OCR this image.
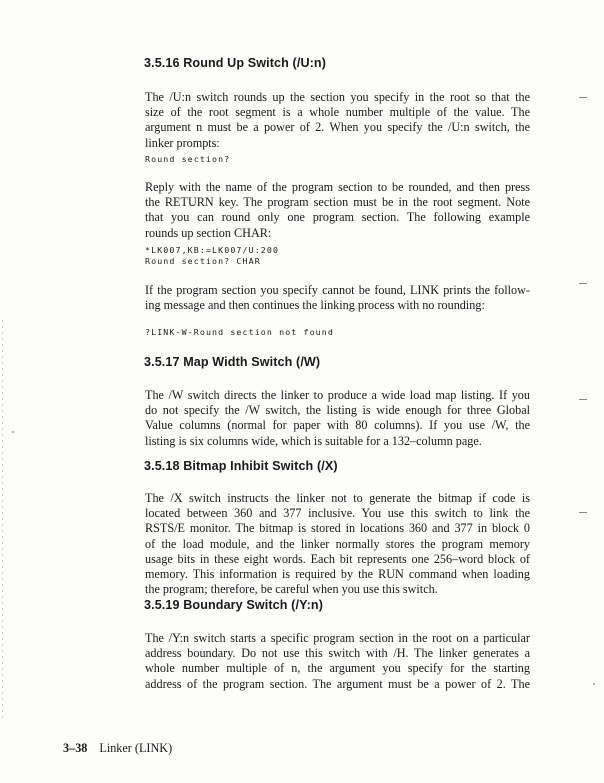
3.5.16 Round Up Switch (/U:n)
The /U:n switch rounds up the section you specify in the root so that the
size of the root segment is a whole number multiple of the value. The
argument n must be a power of 2. When you specify the /U:n switch, the
linker prompts:
Round section?
Reply with the name of the program section to be rounded, and then press
the RETURN key. The program section must be in the root segment. Note
that you can round only one program section. The following example
rounds up section CHAR:
*LK007,KB:=LK007/U:200
Round section? CHAR
If the program section you specify cannot be found, LINK prints the follow-
ing message and then continues the linking process with no rounding:
?LINK-W-Round section not found
3.5.17 Map Width Switch (/W)
The /W switch directs the linker to produce a wide load map listing. If you
do not specify the /W switch, the listing is wide enough for three Global
Value columns (normal for paper with 80 columns). If you use /W, the
listing is six columns wide, which is suitable for a 132–column page.
3.5.18 Bitmap Inhibit Switch (/X)
The /X switch instructs the linker not to generate the bitmap if code is
located between 360 and 377 inclusive. You use this switch to link the
RSTS/E monitor. The bitmap is stored in locations 360 and 377 in block 0
of the load module, and the linker normally stores the program memory
usage bits in these eight words. Each bit represents one 256–word block of
memory. This information is required by the RUN command when loading
the program; therefore, be careful when you use this switch.
3.5.19 Boundary Switch (/Y:n)
The /Y:n switch starts a specific program section in the root on a particular
address boundary. Do not use this switch with /H. The linker generates a
whole number multiple of n, the argument you specify for the starting
address of the program section. The argument must be a power of 2. The
3–38 Linker (LINK)
